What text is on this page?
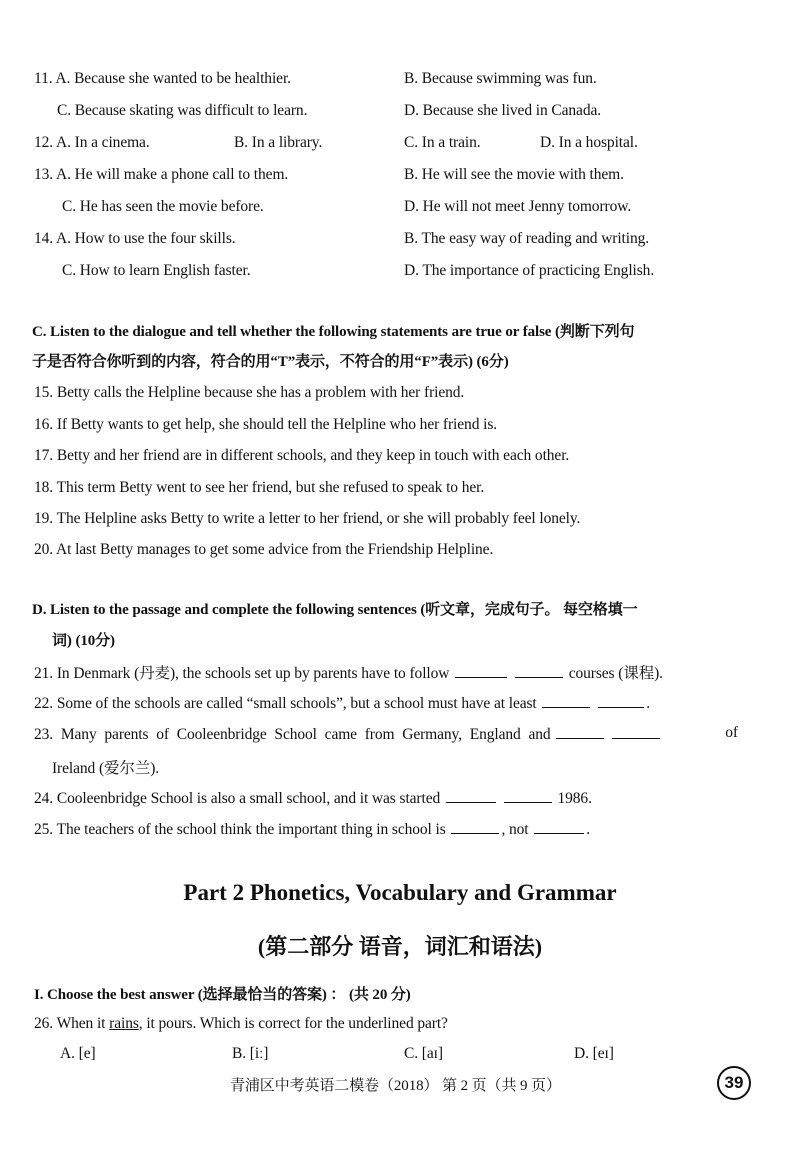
11. A. Because she wanted to be healthier.	B. Because swimming was fun.
C. Because skating was difficult to learn.	D. Because she lived in Canada.
12. A. In a cinema.	B. In a library.	C. In a train.	D. In a hospital.
13. A. He will make a phone call to them.	B. He will see the movie with them.
C. He has seen the movie before.	D. He will not meet Jenny tomorrow.
14. A. How to use the four skills.	B. The easy way of reading and writing.
C. How to learn English faster.	D. The importance of practicing English.
C. Listen to the dialogue and tell whether the following statements are true or false (判断下列句
子是否符合你听到的内容，符合的用“T”表示，不符合的用“F”表示) (6分)
15. Betty calls the Helpline because she has a problem with her friend.
16. If Betty wants to get help, she should tell the Helpline who her friend is.
17. Betty and her friend are in different schools, and they keep in touch with each other.
18. This term Betty went to see her friend, but she refused to speak to her.
19. The Helpline asks Betty to write a letter to her friend, or she will probably feel lonely.
20. At last Betty manages to get some advice from the Friendship Helpline.
D. Listen to the passage and complete the following sentences (听文章，完成句子。 每空格填一
词) (10分)
21. In Denmark (丹麦), the schools set up by parents have to follow	courses (课程).
22. Some of the schools are called “small schools”, but a school must have at least	.
23. Many parents of Cooleenbridge School came from Germany, England and	of
Ireland (爱尔兰).
24. Cooleenbridge School is also a small school, and it was started	1986.
25. The teachers of the school think the important thing in school is	, not	.
Part 2 Phonetics, Vocabulary and Grammar
(第二部分 语音，词汇和语法)
I. Choose the best answer (选择最恰当的答案) ： (共 20 分)
26. When it rains, it pours. Which is correct for the underlined part?
A. [e]	B. [iː]	C. [aɪ]	D. [eɪ]
青浦区中考英语二模卷（2018） 第 2 页（共 9 页）	39
